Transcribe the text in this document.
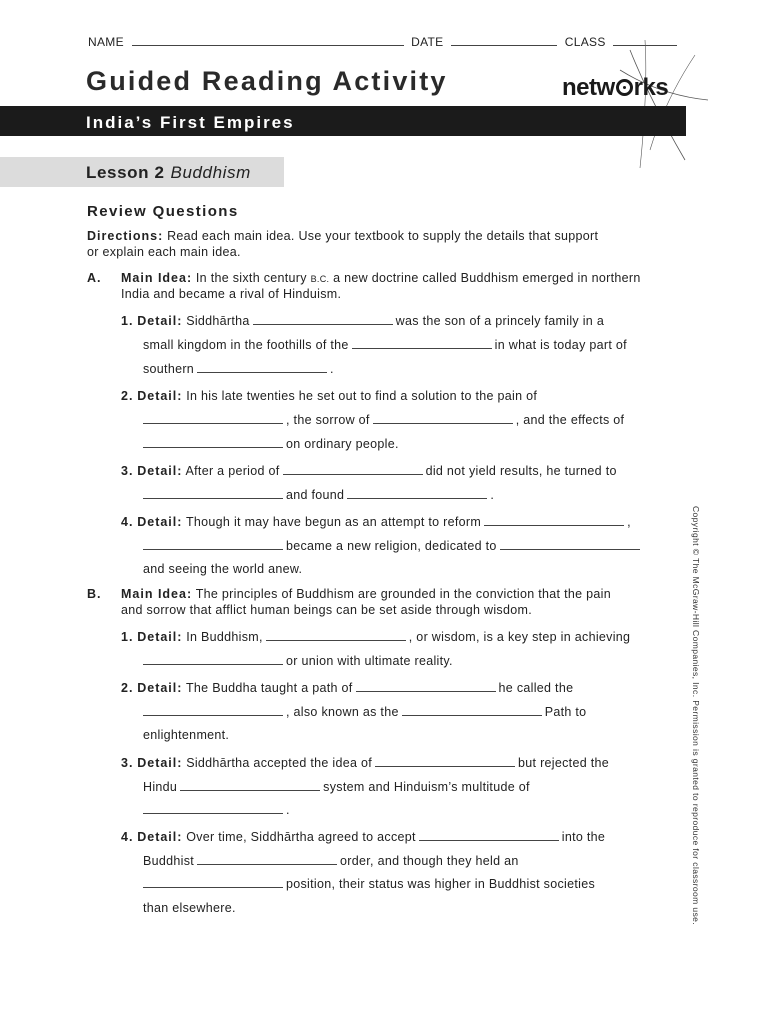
NAME	DATE	CLASS
Guided Reading Activity	netw rks
India’s First Empires
Lesson 2 Buddhism
Review Questions
Directions: Read each main idea. Use your textbook to supply the details that support
or explain each main idea.
A. Main Idea: In the sixth century B.C. a new doctrine called Buddhism emerged in northern
India and became a rival of Hinduism.
1. Detail: Siddhārtha	was the son of a princely family in a
small kingdom in the foothills of the	in what is today part of
southern	.
2. Detail: In his late twenties he set out to find a solution to the pain of
, the sorrow of	, and the effects of
on ordinary people.
3. Detail: After a period of	did not yield results, he turned to
and found	.
4. Detail: Though it may have begun as an attempt to reform	,
became a new religion, dedicated to
and seeing the world anew.
B. Main Idea: The principles of Buddhism are grounded in the conviction that the pain
and sorrow that afflict human beings can be set aside through wisdom.
1. Detail: In Buddhism,	, or wisdom, is a key step in achieving
or union with ultimate reality.
2. Detail: The Buddha taught a path of	he called the
, also known as the	Path to
enlightenment.
3. Detail: Siddhārtha accepted the idea of	but rejected the
Hindu	system and Hinduism’s multitude of
.
4. Detail: Over time, Siddhārtha agreed to accept	into the
Buddhist	order, and though they held an
position, their status was higher in Buddhist societies
than elsewhere.	Copyright © The McGraw-Hill Companies, Inc. Permission is granted to reproduce for classroom use.
